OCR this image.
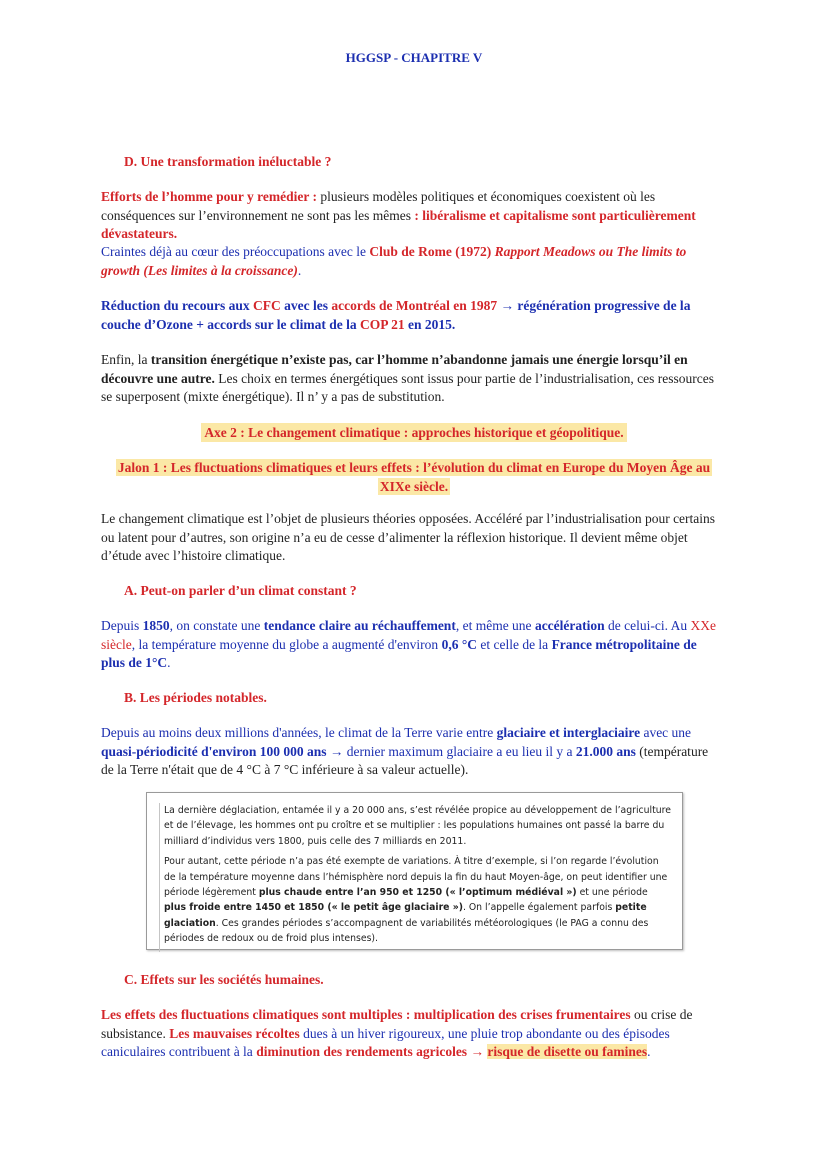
HGGSP - CHAPITRE V
D. Une transformation inéluctable ?
Efforts de l’homme pour y remédier : plusieurs modèles politiques et économiques coexistent où les conséquences sur l’environnement ne sont pas les mêmes : libéralisme et capitalisme sont particulièrement dévastateurs.
Craintes déjà au cœur des préoccupations avec le Club de Rome (1972) Rapport Meadows ou The limits to growth (Les limites à la croissance).
Réduction du recours aux CFC avec les accords de Montréal en 1987 → régénération progressive de la couche d’Ozone + accords sur le climat de la COP 21 en 2015.
Enfin, la transition énergétique n’existe pas, car l’homme n’abandonne jamais une énergie lorsqu’il en découvre une autre. Les choix en termes énergétiques sont issus pour partie de l’industrialisation, ces ressources se superposent (mixte énergétique). Il n’ y a pas de substitution.
Axe 2 : Le changement climatique : approches historique et géopolitique.
Jalon 1 : Les fluctuations climatiques et leurs effets : l’évolution du climat en Europe du Moyen Âge au
XIXe siècle.
Le changement climatique est l’objet de plusieurs théories opposées. Accéléré par l’industrialisation pour certains ou latent pour d’autres, son origine n’a eu de cesse d’alimenter la réflexion historique. Il devient même objet d’étude avec l’histoire climatique.
A. Peut-on parler d’un climat constant ?
Depuis 1850, on constate une tendance claire au réchauffement, et même une accélération de celui-ci. Au XXe siècle, la température moyenne du globe a augmenté d'environ 0,6 °C et celle de la France métropolitaine de plus de 1°C.
B. Les périodes notables.
Depuis au moins deux millions d'années, le climat de la Terre varie entre glaciaire et interglaciaire avec une quasi-périodicité d'environ 100 000 ans → dernier maximum glaciaire a eu lieu il y a 21.000 ans (température de la Terre n'était que de 4 °C à 7 °C inférieure à sa valeur actuelle).

La dernière déglaciation, entamée il y a 20 000 ans, s’est révélée propice au développement de l’agriculture et de l’élevage, les hommes ont pu croître et se multiplier : les populations humaines ont passé la barre du milliard d’individus vers 1800, puis celle des 7 milliards en 2011.

Pour autant, cette période n’a pas été exempte de variations. À titre d’exemple, si l’on regarde l’évolution de la température moyenne dans l’hémisphère nord depuis la fin du haut Moyen-âge, on peut identifier une période légèrement plus chaude entre l’an 950 et 1250 (« l’optimum médiéval ») et une période plus froide entre 1450 et 1850 (« le petit âge glaciaire »). On l’appelle également parfois petite glaciation. Ces grandes périodes s’accompagnent de variabilités météorologiques (le PAG a connu des périodes de redoux ou de froid plus intenses).

C. Effets sur les sociétés humaines.
Les effets des fluctuations climatiques sont multiples : multiplication des crises frumentaires ou crise de subsistance. Les mauvaises récoltes dues à un hiver rigoureux, une pluie trop abondante ou des épisodes caniculaires contribuent à la diminution des rendements agricoles → risque de disette ou famines.
